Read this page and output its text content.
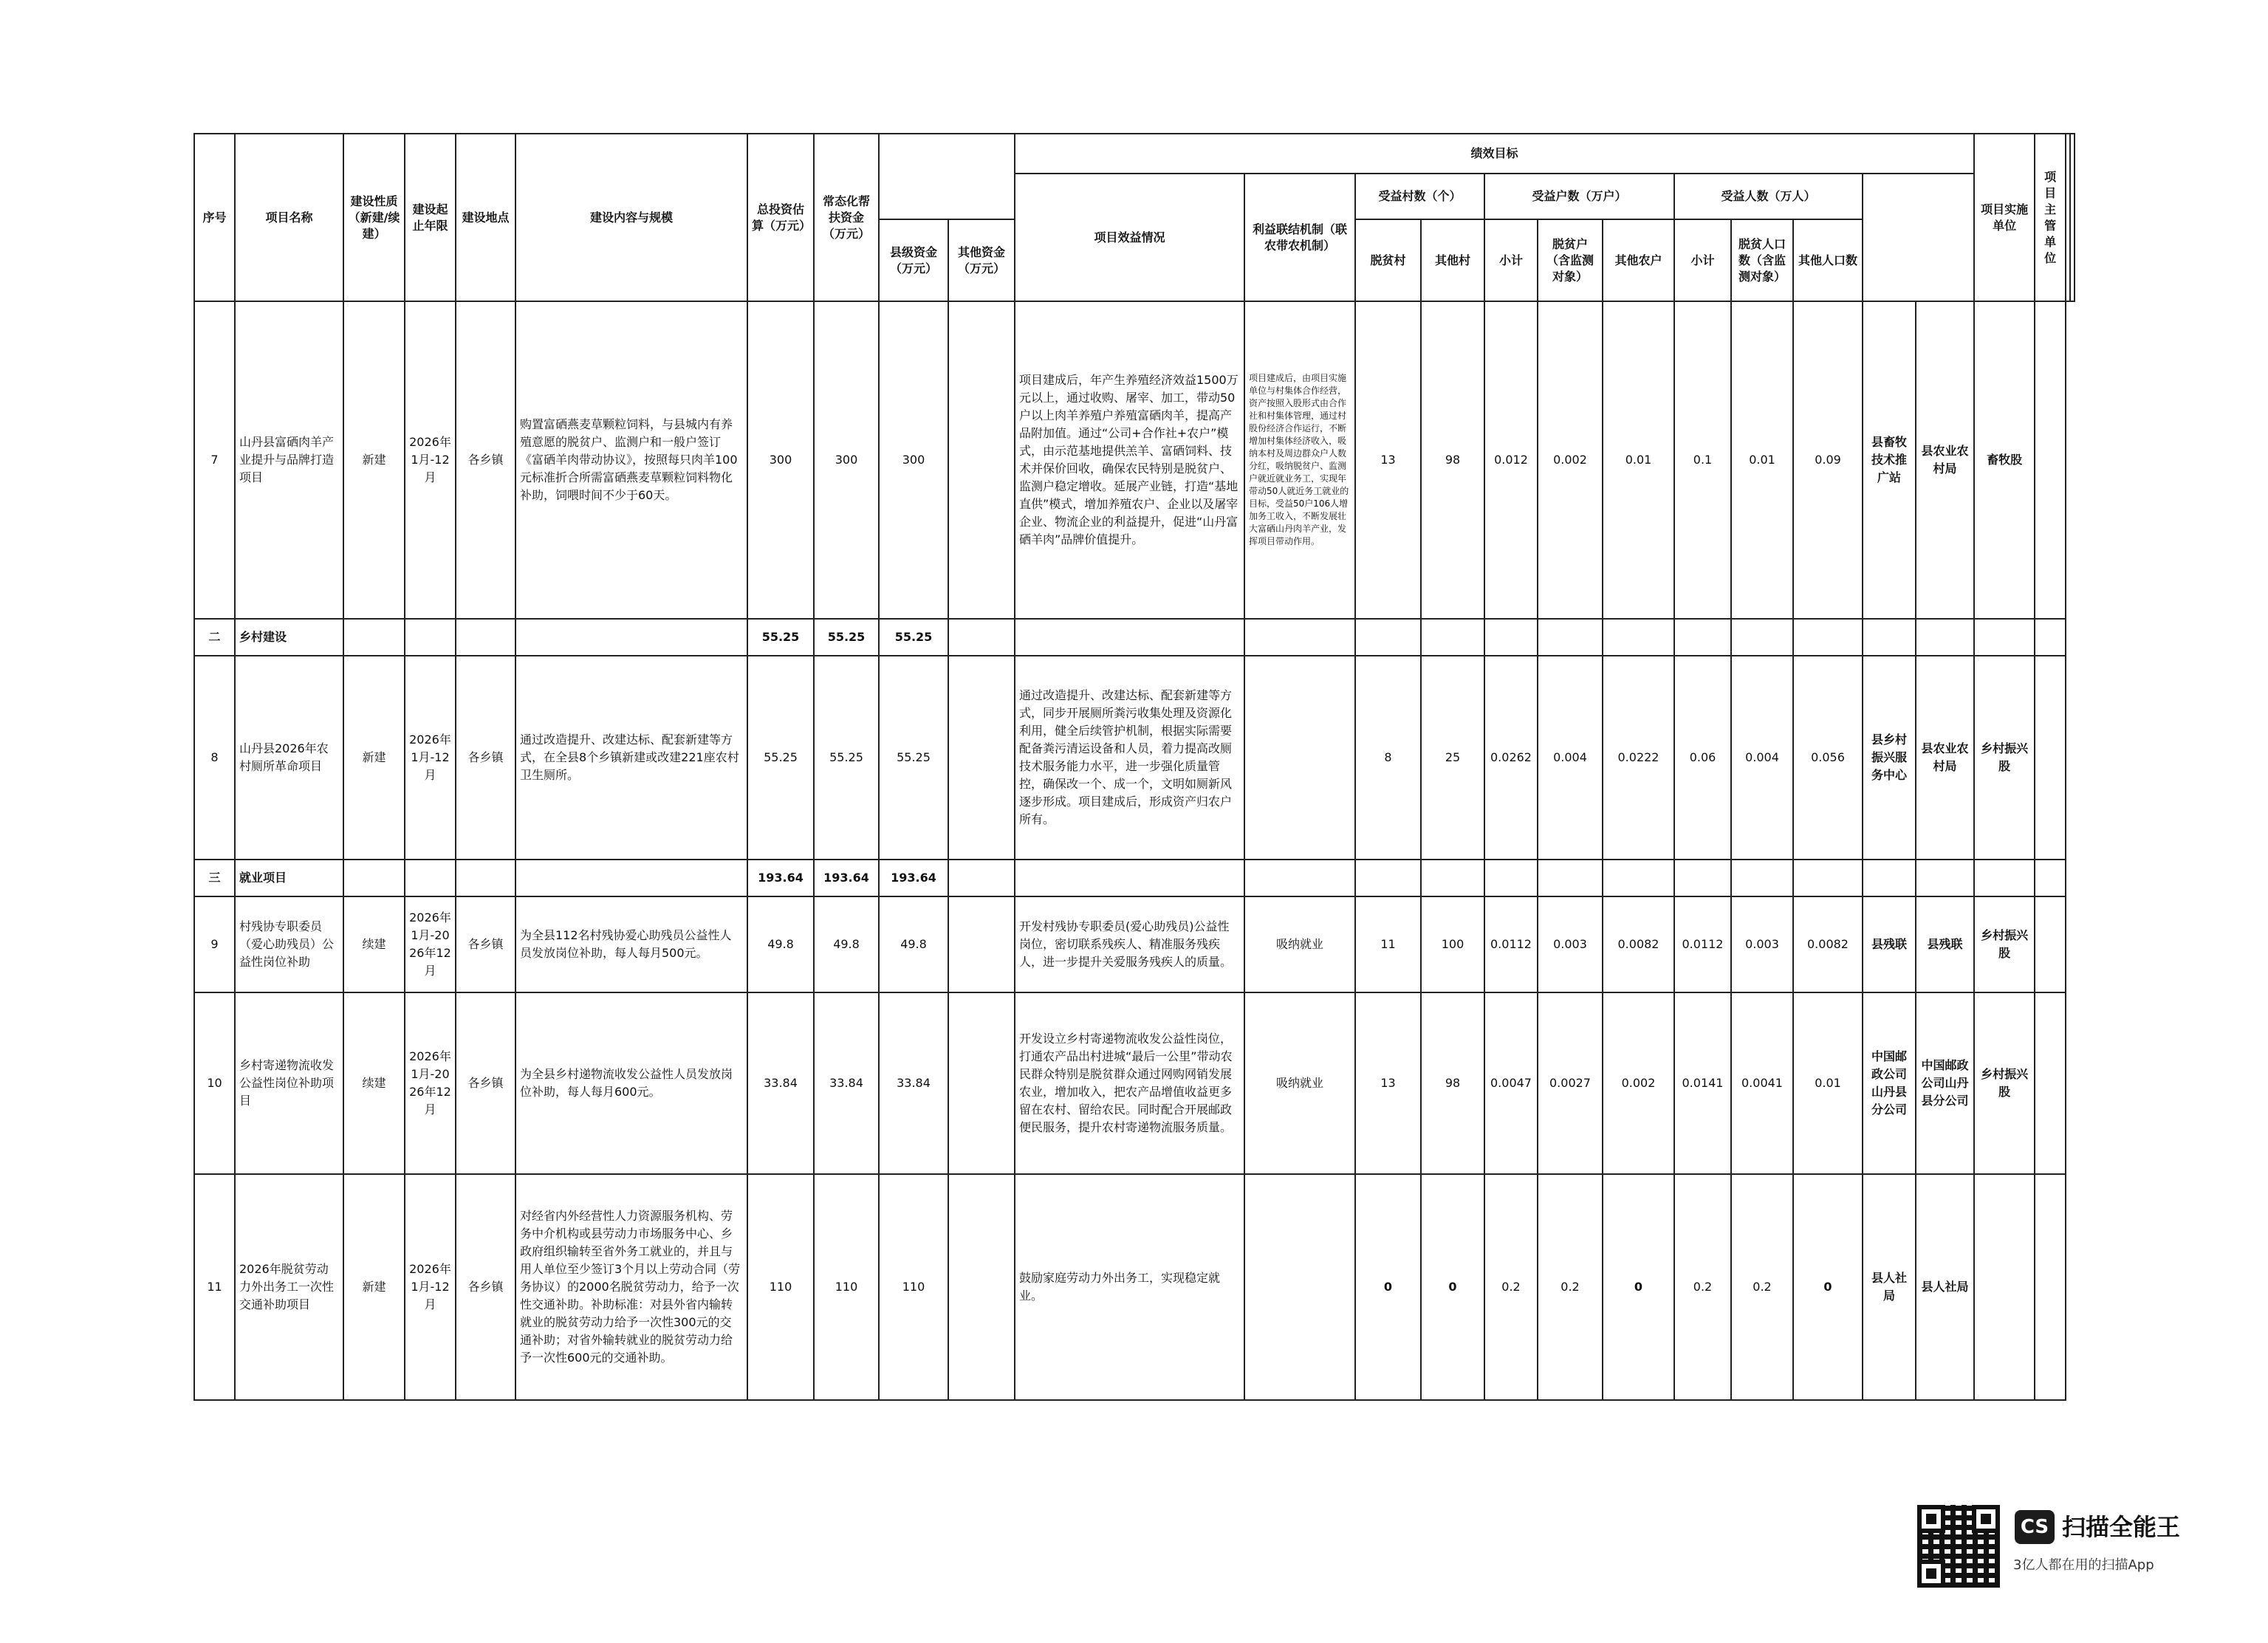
序号	项目名称	建设性质（新建/续建）	建设起止年限	建设地点	建设内容与规模	总投资估算（万元）	常态化帮扶资金（万元）			绩效目标												项目实施单位	项目主管单位		
										项目效益情况	利益联结机制（联农带农机制）	受益村数（个）		受益户数（万户）			受益人数（万人）								
								县级资金（万元）	其他资金（万元）			脱贫村	其他村	小计	脱贫户（含监测对象）	其他农户	小计	脱贫人口数（含监测对象）	其他人口数						
7	山丹县富硒肉羊产业提升与品牌打造项目	新建	2026年1月-12月	各乡镇	购置富硒燕麦草颗粒饲料，与县城内有养殖意愿的脱贫户、监测户和一般户签订《富硒羊肉带动协议》，按照每只肉羊100元标准折合所需富硒燕麦草颗粒饲料物化补助，饲喂时间不少于60天。	300	300	300		项目建成后，年产生养殖经济效益1500万元以上，通过收购、屠宰、加工，带动50户以上肉羊养殖户养殖富硒肉羊，提高产品附加值。通过“公司+合作社+农户”模式，由示范基地提供羔羊、富硒饲料、技术并保价回收，确保农民特别是脱贫户、监测户稳定增收。延展产业链，打造“基地直供”模式，增加养殖农户、企业以及屠宰企业、物流企业的利益提升，促进“山丹富硒羊肉”品牌价值提升。	项目建成后，由项目实施单位与村集体合作经营，资产按照入股形式由合作社和村集体管理，通过村股份经济合作运行，不断增加村集体经济收入，吸纳本村及周边群众户人数分红，吸纳脱贫户、监测户就近就业务工，实现年带动50人就近务工就业的目标，受益50户106人增加务工收入，不断发展壮大富硒山丹肉羊产业，发挥项目带动作用。	13	98	0.012	0.002	0.01	0.1	0.01	0.09	县畜牧技术推广站	县农业农村局	畜牧股			
二	乡村建设					55.25	55.25	55.25																	
8	山丹县2026年农村厕所革命项目	新建	2026年1月-12月	各乡镇	通过改造提升、改建达标、配套新建等方式，在全县8个乡镇新建或改建221座农村卫生厕所。	55.25	55.25	55.25		通过改造提升、改建达标、配套新建等方式，同步开展厕所粪污收集处理及资源化利用，健全后续管护机制，根据实际需要配备粪污清运设备和人员，着力提高改厕技术服务能力水平，进一步强化质量管控，确保改一个、成一个，文明如厕新风逐步形成。项目建成后，形成资产归农户所有。		8	25	0.0262	0.004	0.0222	0.06	0.004	0.056	县乡村振兴服务中心	县农业农村局	乡村振兴股			
三	就业项目					193.64	193.64	193.64																	
9	村残协专职委员（爱心助残员）公益性岗位补助	续建	2026年1月-2026年12月	各乡镇	为全县112名村残协爱心助残员公益性人员发放岗位补助，每人每月500元。	49.8	49.8	49.8		开发村残协专职委员(爱心助残员)公益性岗位，密切联系残疾人、精准服务残疾人，进一步提升关爱服务残疾人的质量。	吸纳就业	11	100	0.0112	0.003	0.0082	0.0112	0.003	0.0082	县残联	县残联	乡村振兴股			
10	乡村寄递物流收发公益性岗位补助项目	续建	2026年1月-2026年12月	各乡镇	为全县乡村递物流收发公益性人员发放岗位补助，每人每月600元。	33.84	33.84	33.84		开发设立乡村寄递物流收发公益性岗位，打通农产品出村进城“最后一公里”带动农民群众特别是脱贫群众通过网购网销发展农业，增加收入，把农产品增值收益更多留在农村、留给农民。同时配合开展邮政便民服务，提升农村寄递物流服务质量。	吸纳就业	13	98	0.0047	0.0027	0.002	0.0141	0.0041	0.01	中国邮政公司山丹县分公司	中国邮政公司山丹县分公司	乡村振兴股			
11	2026年脱贫劳动力外出务工一次性交通补助项目	新建	2026年1月-12月	各乡镇	对经省内外经营性人力资源服务机构、劳务中介机构或县劳动力市场服务中心、乡政府组织输转至省外务工就业的，并且与用人单位至少签订3个月以上劳动合同（劳务协议）的2000名脱贫劳动力，给予一次性交通补助。补助标准：对县外省内输转就业的脱贫劳动力给予一次性300元的交通补助；对省外输转就业的脱贫劳动力给予一次性600元的交通补助。	110	110	110		鼓励家庭劳动力外出务工，实现稳定就业。		0	0	0.2	0.2	0	0.2	0.2	0	县人社局	县人社局				
CS 扫描全能王
3亿人都在用的扫描App
